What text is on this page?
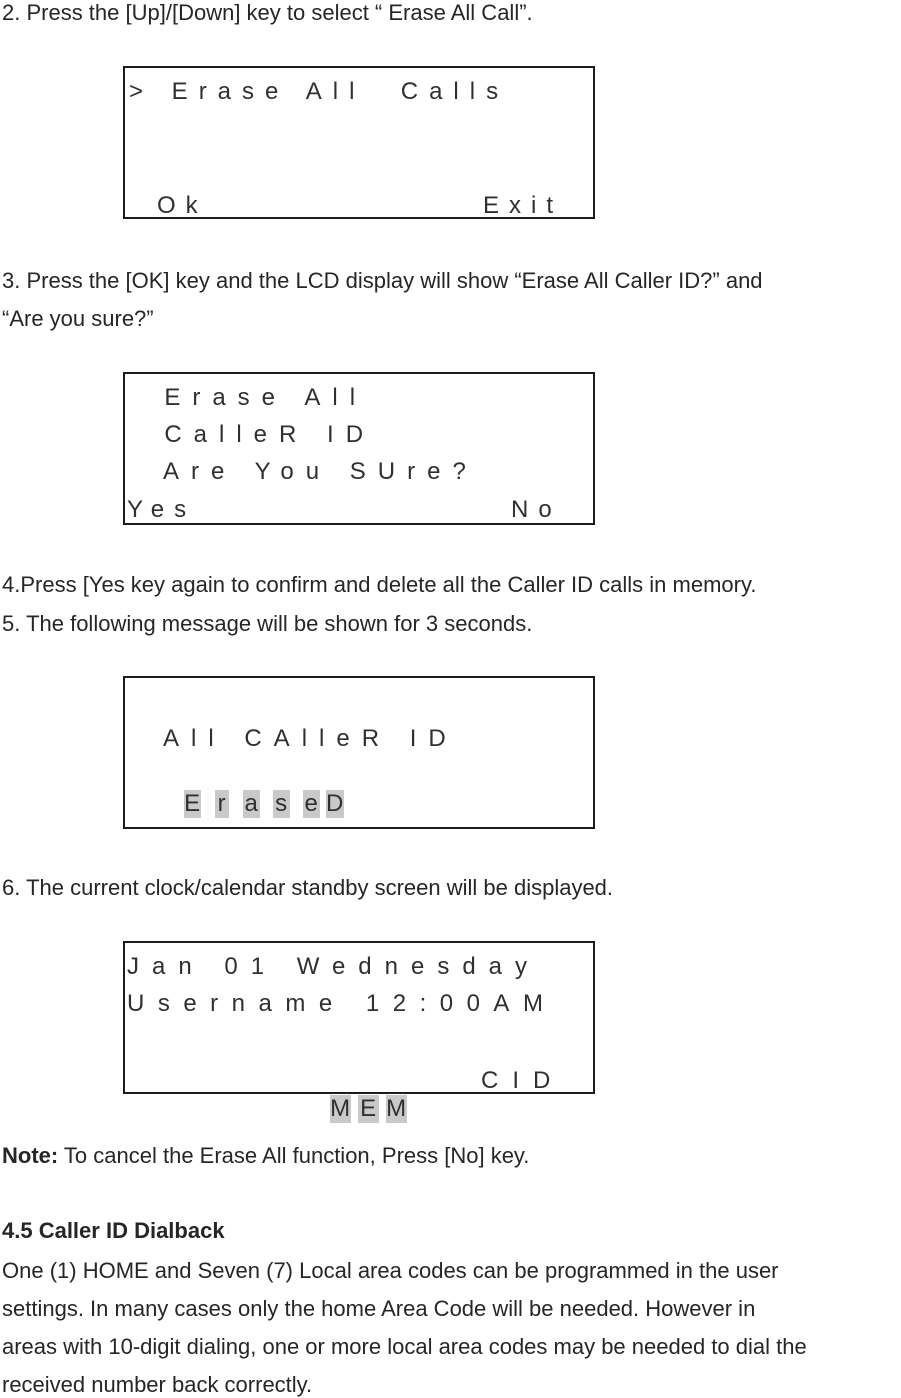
2. Press the [Up]/[Down] key to select “ Erase All Call”.
> Erase All  Calls
Ok	Exit
3. Press the [OK] key and the LCD display will show “Erase All Caller ID?” and
“Are you sure?”
Erase All
CalleR ID
Are You SUre?
Yes	No
4.Press [Yes key again to confirm and delete all the Caller ID calls in memory.
5. The following message will be shown for 3 seconds.
All CAlleR ID

E r a s e D

6. The current clock/calendar standby screen will be displayed.
Jan 01 Wednesday
Username 12:00AM

M E M

CID
Note: To cancel the Erase All function, Press [No] key.
4.5 Caller ID Dialback
One (1) HOME and Seven (7) Local area codes can be programmed in the user
settings. In many cases only the home Area Code will be needed. However in
areas with 10-digit dialing, one or more local area codes may be needed to dial the
received number back correctly.
